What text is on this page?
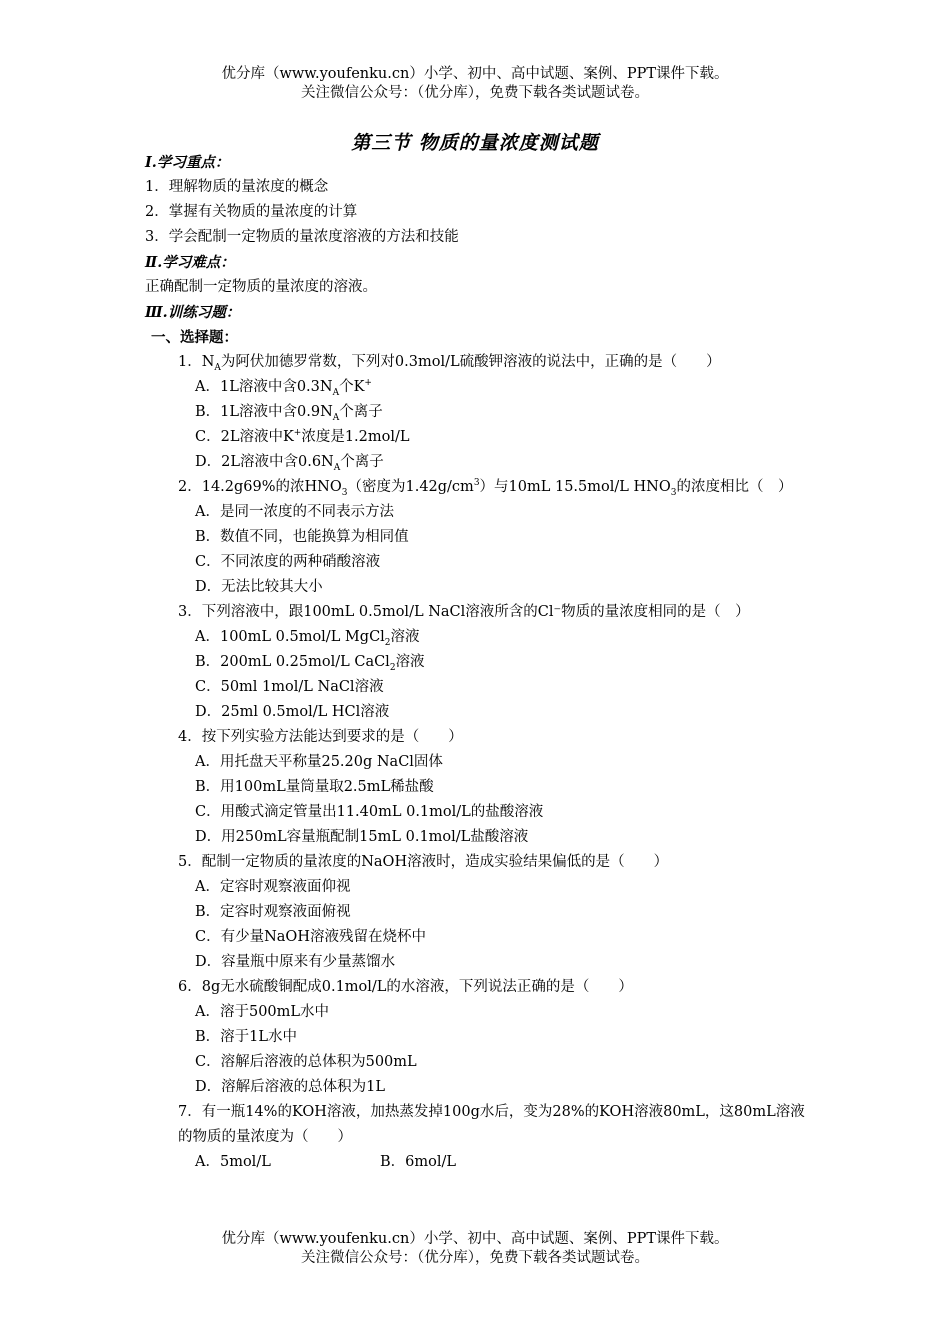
优分库（www.youfenku.cn）小学、初中、高中试题、案例、PPT课件下载。
关注微信公众号：（优分库），免费下载各类试题试卷。
第三节 物质的量浓度测试题

Ⅰ.学习重点：

1．理解物质的量浓度的概念

2．掌握有关物质的量浓度的计算

3．学会配制一定物质的量浓度溶液的方法和技能

Ⅱ.学习难点：

正确配制一定物质的量浓度的溶液。

Ⅲ.训练习题：

一、选择题：

1．$N_A$为阿伏加德罗常数，下列对0.3mol/L硫酸钾溶液的说法中，正确的是（　　）

A．1L溶液中含$0.3N_A$个K+

B．1L溶液中含$0.9N_A$个离子

C．2L溶液中K+浓度是1.2mol/L

D．2L溶液中含$0.6N_A$个离子

2．14.2g69%的浓$HNO_3$（密度为$1.42g/cm^3$）与10mL 15.5mol/L $HNO_3$的浓度相比（　）

A．是同一浓度的不同表示方法

B．数值不同，也能换算为相同值

C．不同浓度的两种硝酸溶液

D．无法比较其大小

3．下列溶液中，跟100mL 0.5mol/L NaCl溶液所含的Cl⁻物质的量浓度相同的是（　）

A．100mL 0.5mol/L MgCl$_2$溶液

B．200mL 0.25mol/L CaCl$_2$溶液

C．50ml 1mol/L NaCl溶液

D．25ml 0.5mol/L HCl溶液

4．按下列实验方法能达到要求的是（　　）

A．用托盘天平称量25.20g NaCl固体

B．用100mL量筒量取2.5mL稀盐酸

C．用酸式滴定管量出11.40mL 0.1mol/L的盐酸溶液

D．用250mL容量瓶配制15mL 0.1mol/L盐酸溶液

5．配制一定物质的量浓度的NaOH溶液时，造成实验结果偏低的是（　　）

A．定容时观察液面仰视

B．定容时观察液面俯视

C．有少量NaOH溶液残留在烧杯中

D．容量瓶中原来有少量蒸馏水

6．8g无水硫酸铜配成0.1mol/L的水溶液，下列说法正确的是（　　）

A．溶于500mL水中

B．溶于1L水中

C．溶解后溶液的总体积为500mL

D．溶解后溶液的总体积为1L

7．有一瓶14%的KOH溶液，加热蒸发掉100g水后，变为28%的KOH溶液80mL，这80mL溶液的物质的量浓度为（　　）

A．5mol/L	B．6mol/L

优分库（www.youfenku.cn）小学、初中、高中试题、案例、PPT课件下载。
关注微信公众号：（优分库），免费下载各类试题试卷。
